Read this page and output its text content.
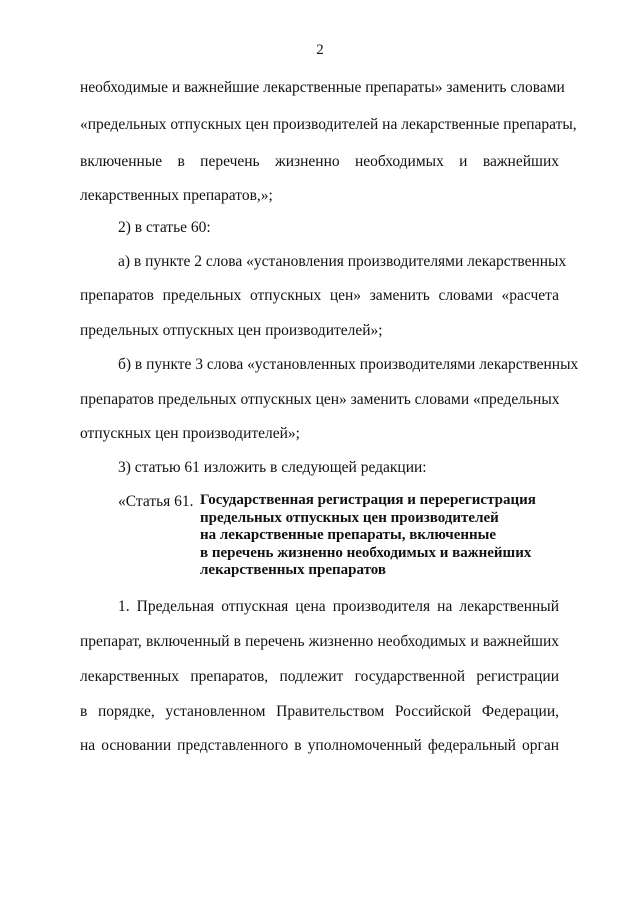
2
необходимые и важнейшие лекарственные препараты» заменить словами
«предельных отпускных цен производителей на лекарственные препараты,
включенные в перечень жизненно необходимых и важнейших
лекарственных препаратов,»;
2) в статье 60:
а) в пункте 2 слова «установления производителями лекарственных
препаратов предельных отпускных цен» заменить словами «расчета
предельных отпускных цен производителей»;
б) в пункте 3 слова «установленных производителями лекарственных
препаратов предельных отпускных цен» заменить словами «предельных
отпускных цен производителей»;
3) статью 61 изложить в следующей редакции:
«Статья 61. Государственная регистрация и перерегистрация
предельных отпускных цен производителей
на лекарственные препараты, включенные
в перечень жизненно необходимых и важнейших
лекарственных препаратов
1. Предельная отпускная цена производителя на лекарственный
препарат, включенный в перечень жизненно необходимых и важнейших
лекарственных препаратов, подлежит государственной регистрации
в порядке, установленном Правительством Российской Федерации,
на основании представленного в уполномоченный федеральный орган
